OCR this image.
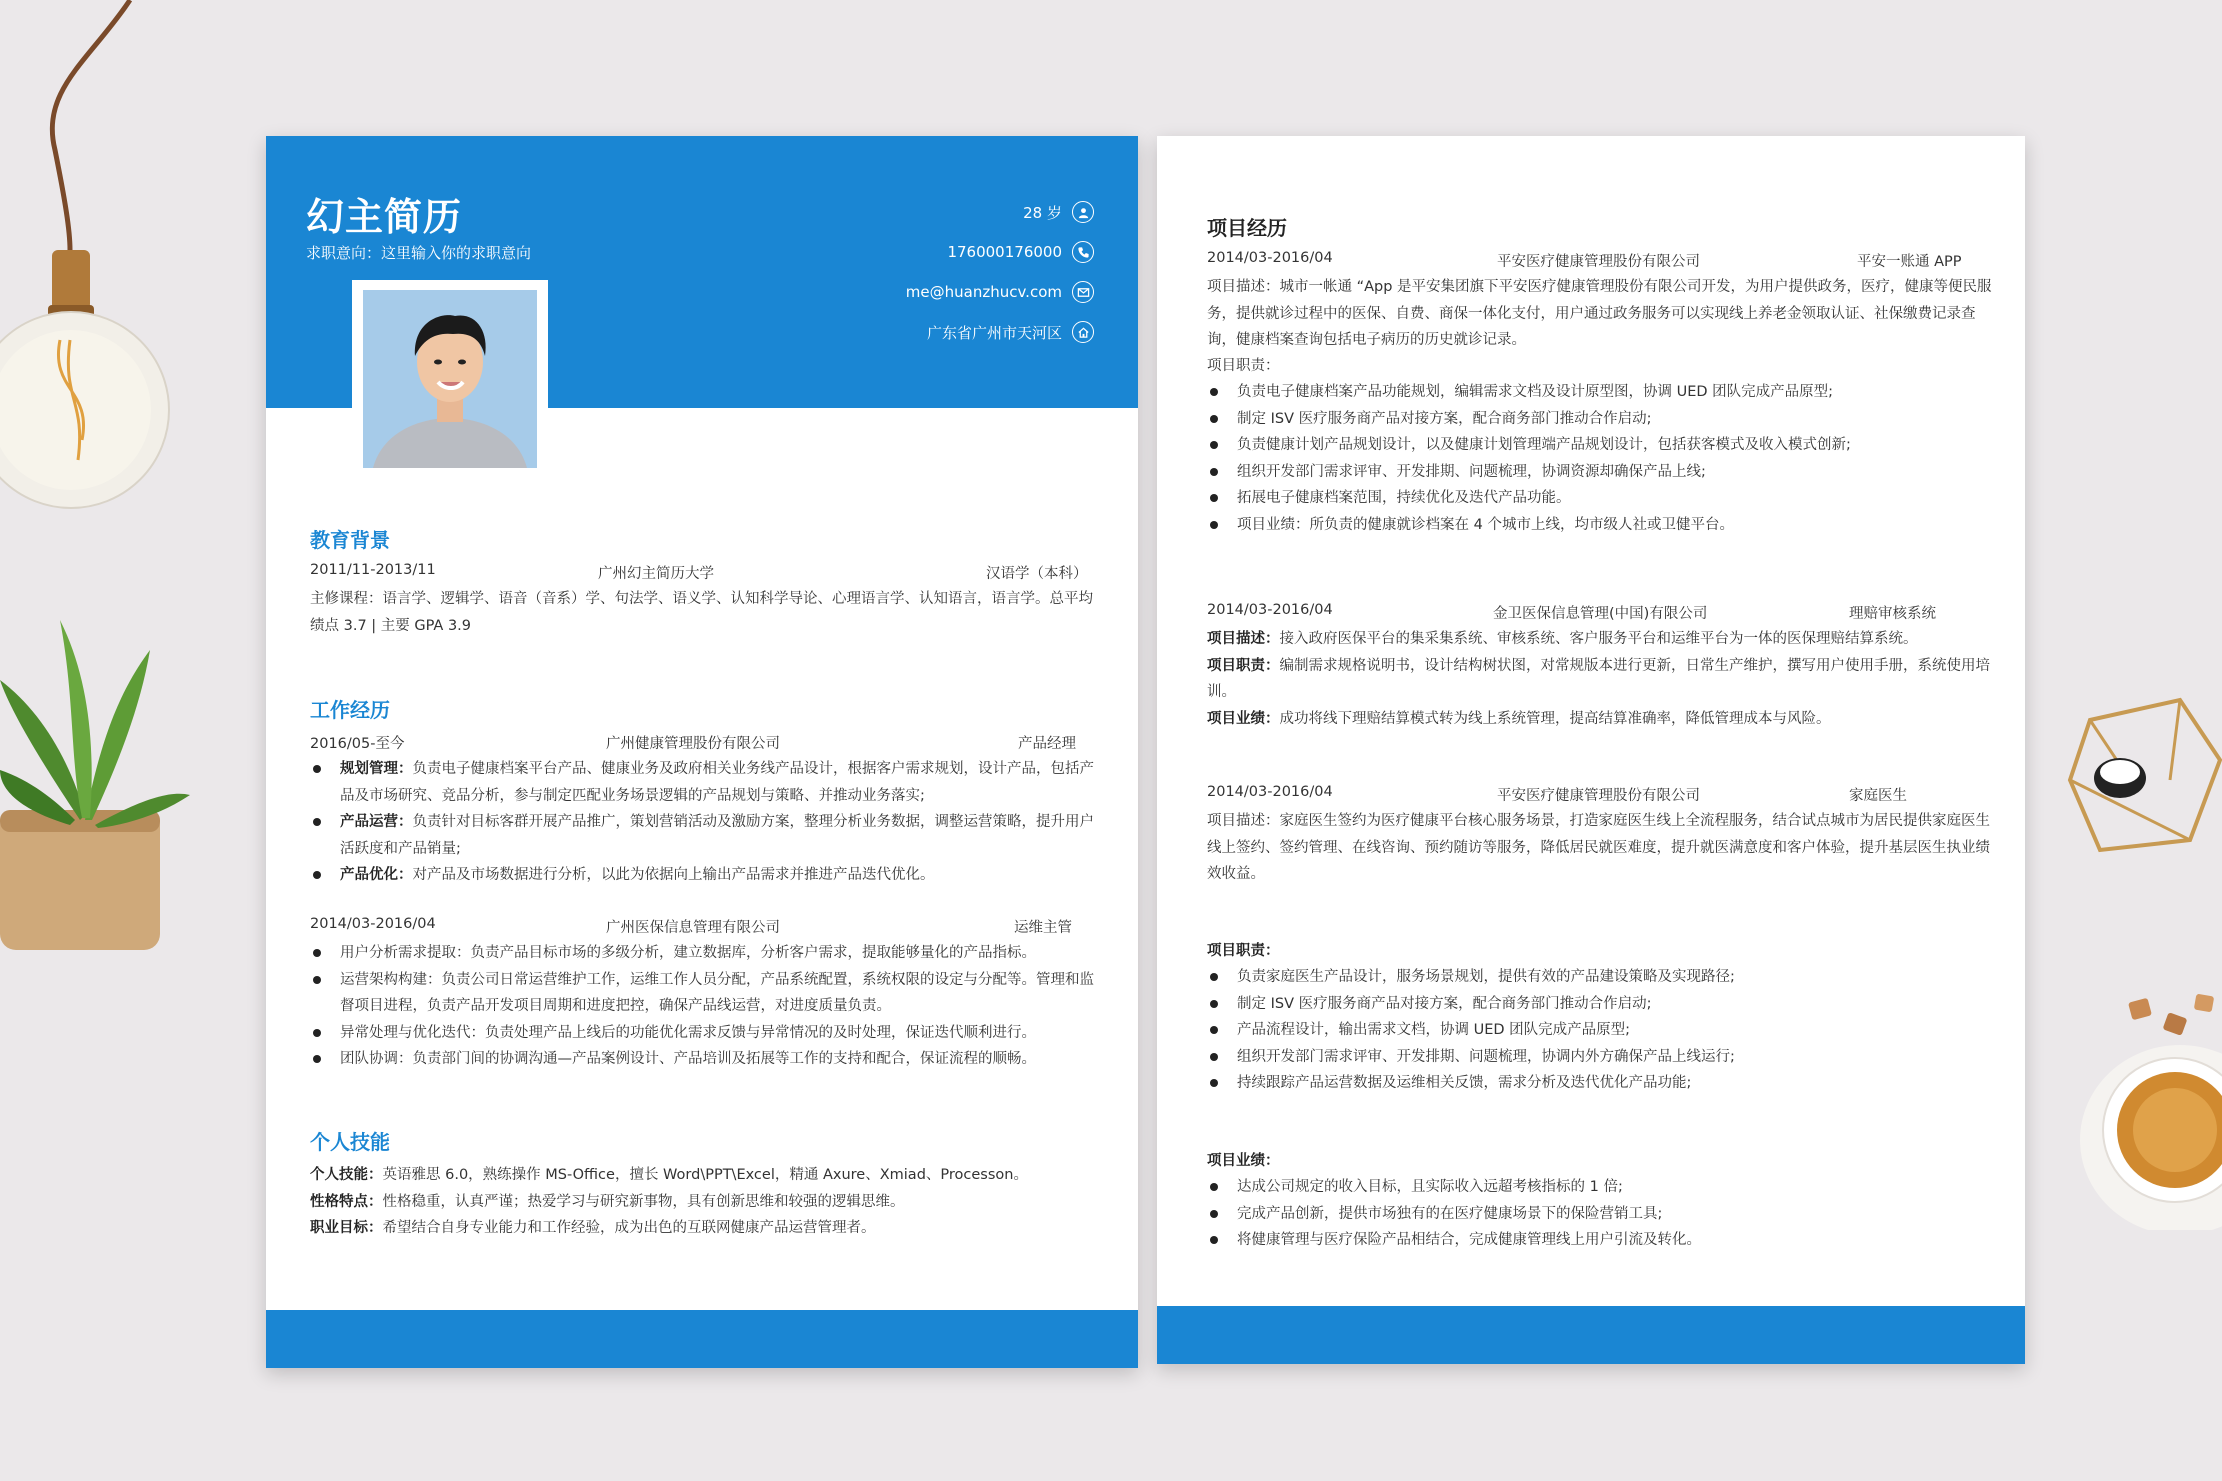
幻主简历
求职意向：这里输入你的求职意向
28 岁
176000176000
me@huanzhucv.com
广东省广州市天河区
教育背景
2011/11-2013/11	广州幻主简历大学	汉语学（本科）
主修课程：语言学、逻辑学、语音（音系）学、句法学、语义学、认知科学导论、心理语言学、认知语言，语言学。总平均绩点 3.7 | 主要 GPA 3.9
工作经历
2016/05-至今	广州健康管理股份有限公司	产品经理
规划管理：负责电子健康档案平台产品、健康业务及政府相关业务线产品设计，根据客户需求规划，设计产品，包括产品及市场研究、竞品分析，参与制定匹配业务场景逻辑的产品规划与策略、并推动业务落实;
产品运营：负责针对目标客群开展产品推广，策划营销活动及激励方案，整理分析业务数据，调整运营策略，提升用户活跃度和产品销量;
产品优化：对产品及市场数据进行分析，以此为依据向上输出产品需求并推进产品迭代优化。
2014/03-2016/04	广州医保信息管理有限公司	运维主管
用户分析需求提取：负责产品目标市场的多级分析，建立数据库，分析客户需求，提取能够量化的产品指标。
运营架构构建：负责公司日常运营维护工作，运维工作人员分配，产品系统配置，系统权限的设定与分配等。管理和监督项目进程，负责产品开发项目周期和进度把控，确保产品线运营，对进度质量负责。
异常处理与优化迭代：负责处理产品上线后的功能优化需求反馈与异常情况的及时处理，保证迭代顺利进行。
团队协调：负责部门间的协调沟通—产品案例设计、产品培训及拓展等工作的支持和配合，保证流程的顺畅。
个人技能
个人技能：英语雅思 6.0，熟练操作 MS-Office，擅长 Word\PPT\Excel，精通 Axure、Xmiad、Processon。
性格特点：性格稳重，认真严谨；热爱学习与研究新事物，具有创新思维和较强的逻辑思维。
职业目标：希望结合自身专业能力和工作经验，成为出色的互联网健康产品运营管理者。
项目经历
2014/03-2016/04	平安医疗健康管理股份有限公司	平安一账通 APP
项目描述：城市一帐通 “App 是平安集团旗下平安医疗健康管理股份有限公司开发，为用户提供政务，医疗，健康等便民服务，提供就诊过程中的医保、自费、商保一体化支付，用户通过政务服务可以实现线上养老金领取认证、社保缴费记录查询，健康档案查询包括电子病历的历史就诊记录。
项目职责：
负责电子健康档案产品功能规划，编辑需求文档及设计原型图，协调 UED 团队完成产品原型;
制定 ISV 医疗服务商产品对接方案，配合商务部门推动合作启动;
负责健康计划产品规划设计，以及健康计划管理端产品规划设计，包括获客模式及收入模式创新;
组织开发部门需求评审、开发排期、问题梳理，协调资源却确保产品上线;
拓展电子健康档案范围，持续优化及迭代产品功能。
项目业绩：所负责的健康就诊档案在 4 个城市上线，均市级人社或卫健平台。
2014/03-2016/04	金卫医保信息管理(中国)有限公司	理赔审核系统
项目描述：接入政府医保平台的集采集系统、审核系统、客户服务平台和运维平台为一体的医保理赔结算系统。
项目职责：编制需求规格说明书，设计结构树状图，对常规版本进行更新，日常生产维护，撰写用户使用手册，系统使用培训。
项目业绩：成功将线下理赔结算模式转为线上系统管理，提高结算准确率，降低管理成本与风险。
2014/03-2016/04	平安医疗健康管理股份有限公司	家庭医生
项目描述：家庭医生签约为医疗健康平台核心服务场景，打造家庭医生线上全流程服务，结合试点城市为居民提供家庭医生线上签约、签约管理、在线咨询、预约随访等服务，降低居民就医难度，提升就医满意度和客户体验，提升基层医生执业绩效收益。
项目职责：
负责家庭医生产品设计，服务场景规划，提供有效的产品建设策略及实现路径;
制定 ISV 医疗服务商产品对接方案，配合商务部门推动合作启动;
产品流程设计，输出需求文档，协调 UED 团队完成产品原型;
组织开发部门需求评审、开发排期、问题梳理，协调内外方确保产品上线运行;
持续跟踪产品运营数据及运维相关反馈，需求分析及迭代优化产品功能;
项目业绩：
达成公司规定的收入目标，且实际收入远超考核指标的 1 倍;
完成产品创新，提供市场独有的在医疗健康场景下的保险营销工具;
将健康管理与医疗保险产品相结合，完成健康管理线上用户引流及转化。
